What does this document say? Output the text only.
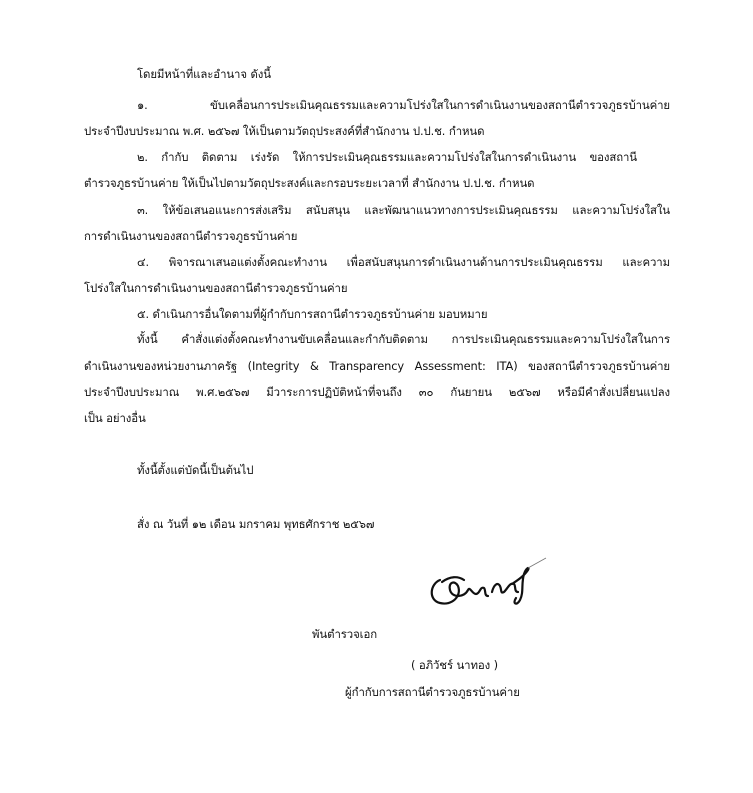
โดยมีหน้าที่และอำนาจ ดังนี้
๑. ขับเคลื่อนการประเมินคุณธรรมและความโปร่งใสในการดำเนินงานของสถานีตำรวจภูธรบ้านค่าย
ประจำปีงบประมาณ พ.ศ. ๒๕๖๗ ให้เป็นตามวัตถุประสงค์ที่สำนักงาน ป.ป.ช. กำหนด
๒. กำกับ ติดตาม เร่งรัด ให้การประเมินคุณธรรมและความโปร่งใสในการดำเนินงาน ของสถานี
ตำรวจภูธรบ้านค่าย ให้เป็นไปตามวัตถุประสงค์และกรอบระยะเวลาที่ สำนักงาน ป.ป.ช. กำหนด
๓. ให้ข้อเสนอแนะการส่งเสริม สนับสนุน และพัฒนาแนวทางการประเมินคุณธรรม และความโปร่งใสใน
การดำเนินงานของสถานีตำรวจภูธรบ้านค่าย
๔. พิจารณาเสนอแต่งตั้งคณะทำงาน เพื่อสนับสนุนการดำเนินงานด้านการประเมินคุณธรรม และความ
โปร่งใสในการดำเนินงานของสถานีตำรวจภูธรบ้านค่าย
๕. ดำเนินการอื่นใดตามที่ผู้กำกับการสถานีตำรวจภูธรบ้านค่าย มอบหมาย
ทั้งนี้ คำสั่งแต่งตั้งคณะทำงานขับเคลื่อนและกำกับติดตาม การประเมินคุณธรรมและความโปร่งใสในการ
ดำเนินงานของหน่วยงานภาครัฐ (Integrity & Transparency Assessment: ITA) ของสถานีตำรวจภูธรบ้านค่าย
ประจำปีงบประมาณ พ.ศ.๒๕๖๗ มีวาระการปฏิบัติหน้าที่จนถึง ๓๐ กันยายน ๒๕๖๗ หรือมีคำสั่งเปลี่ยนแปลง
เป็น อย่างอื่น
ทั้งนี้ตั้งแต่บัดนี้เป็นต้นไป
สั่ง ณ วันที่ ๑๒ เดือน มกราคม พุทธศักราช ๒๕๖๗
พันตำรวจเอก
( อภิวัชร์ นาทอง )
ผู้กำกับการสถานีตำรวจภูธรบ้านค่าย
